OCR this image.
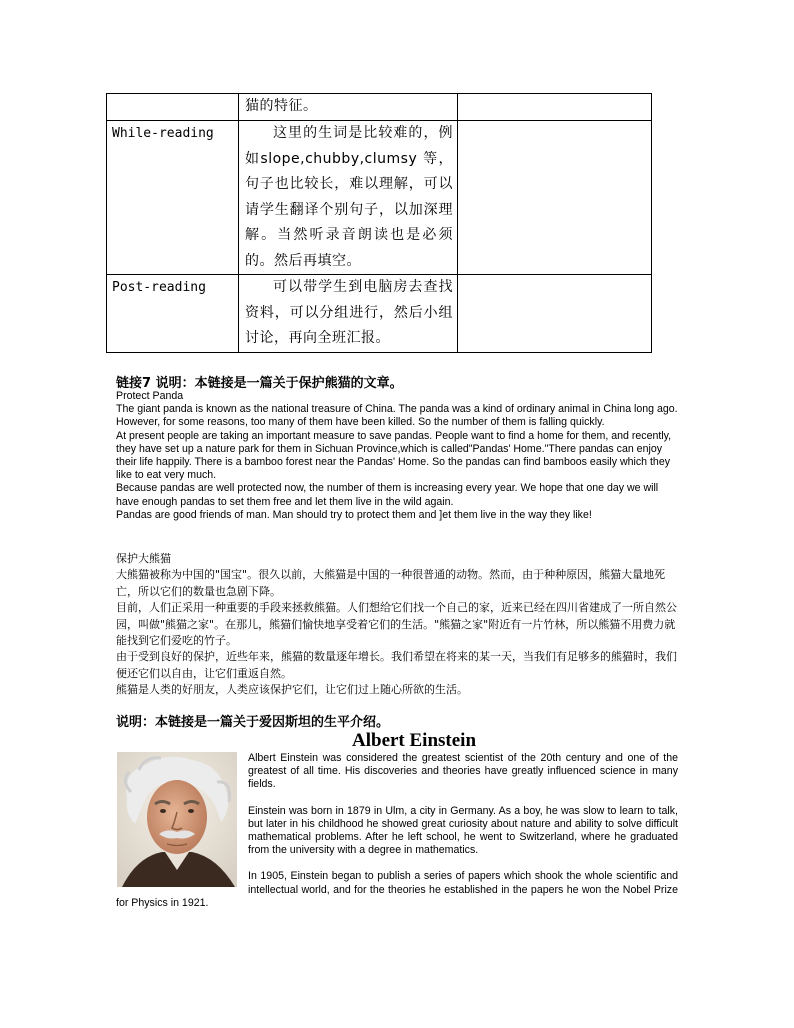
	猫的特征。	
While-reading	这里的生词是比较难的，例如slope,chubby,clumsy 等，句子也比较长，难以理解，可以请学生翻译个别句子，以加深理解。当然听录音朗读也是必须的。然后再填空。	
Post-reading	可以带学生到电脑房去查找资料，可以分组进行，然后小组讨论，再向全班汇报。	
链接7 说明：本链接是一篇关于保护熊猫的文章。

Protect Panda

The giant panda is known as the national treasure of China. The panda was a kind of ordinary animal in China long ago. However, for some reasons, too many of them have been killed. So the number of them is falling quickly.

At present people are taking an important measure to save pandas. People want to find a home for them, and recently, they have set up a nature park for them in Sichuan Province,which is called"Pandas' Home."There pandas can enjoy their life happily. There is a bamboo forest near the Pandas' Home. So the pandas can find bamboos easily which they like to eat very much.

Because pandas are well protected now, the number of them is increasing every year. We hope that one day we will have enough pandas to set them free and let them live in the wild again.

Pandas are good friends of man. Man should try to protect them and ]et them live in the way they like!

保护大熊猫

大熊猫被称为中国的"国宝"。很久以前，大熊猫是中国的一种很普通的动物。然而，由于种种原因，熊猫大量地死亡，所以它们的数量也急剧下降。

目前，人们正采用一种重要的手段来拯救熊猫。人们想给它们找一个自己的家，近来已经在四川省建成了一所自然公园，叫做"熊猫之家"。在那儿，熊猫们愉快地享受着它们的生活。"熊猫之家"附近有一片竹林，所以熊猫不用费力就能找到它们爱吃的竹子。

由于受到良好的保护，近些年来，熊猫的数量逐年增长。我们希望在将来的某一天，当我们有足够多的熊猫时，我们便还它们以自由，让它们重返自然。

熊猫是人类的好朋友，人类应该保护它们，让它们过上随心所欲的生活。

说明：本链接是一篇关于爱因斯坦的生平介绍。
Albert Einstein

Albert Einstein was considered the greatest scientist of the 20th century and one of the greatest of all time. His discoveries and theories have greatly influenced science in many fields.

Einstein was born in 1879 in Ulm, a city in Germany. As a boy, he was slow to learn to talk, but later in his childhood he showed great curiosity about nature and ability to solve difficult mathematical problems. After he left school, he went to Switzerland, where he graduated from the university with a degree in mathematics.

In 1905, Einstein began to publish a series of papers which shook the whole scientific and intellectual world, and for the theories he established in the papers he won the Nobel Prize for Physics in 1921.
